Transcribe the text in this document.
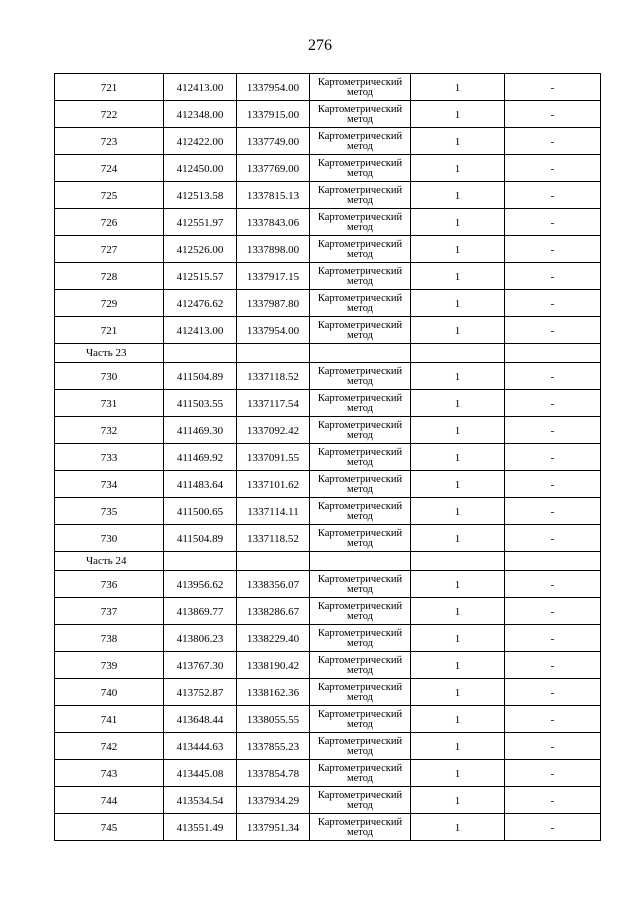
276
721	412413.00	1337954.00	Картометрический метод	1	-
722	412348.00	1337915.00	Картометрический метод	1	-
723	412422.00	1337749.00	Картометрический метод	1	-
724	412450.00	1337769.00	Картометрический метод	1	-
725	412513.58	1337815.13	Картометрический метод	1	-
726	412551.97	1337843.06	Картометрический метод	1	-
727	412526.00	1337898.00	Картометрический метод	1	-
728	412515.57	1337917.15	Картометрический метод	1	-
729	412476.62	1337987.80	Картометрический метод	1	-
721	412413.00	1337954.00	Картометрический метод	1	-
Часть 23					
730	411504.89	1337118.52	Картометрический метод	1	-
731	411503.55	1337117.54	Картометрический метод	1	-
732	411469.30	1337092.42	Картометрический метод	1	-
733	411469.92	1337091.55	Картометрический метод	1	-
734	411483.64	1337101.62	Картометрический метод	1	-
735	411500.65	1337114.11	Картометрический метод	1	-
730	411504.89	1337118.52	Картометрический метод	1	-
Часть 24					
736	413956.62	1338356.07	Картометрический метод	1	-
737	413869.77	1338286.67	Картометрический метод	1	-
738	413806.23	1338229.40	Картометрический метод	1	-
739	413767.30	1338190.42	Картометрический метод	1	-
740	413752.87	1338162.36	Картометрический метод	1	-
741	413648.44	1338055.55	Картометрический метод	1	-
742	413444.63	1337855.23	Картометрический метод	1	-
743	413445.08	1337854.78	Картометрический метод	1	-
744	413534.54	1337934.29	Картометрический метод	1	-
745	413551.49	1337951.34	Картометрический метод	1	-
